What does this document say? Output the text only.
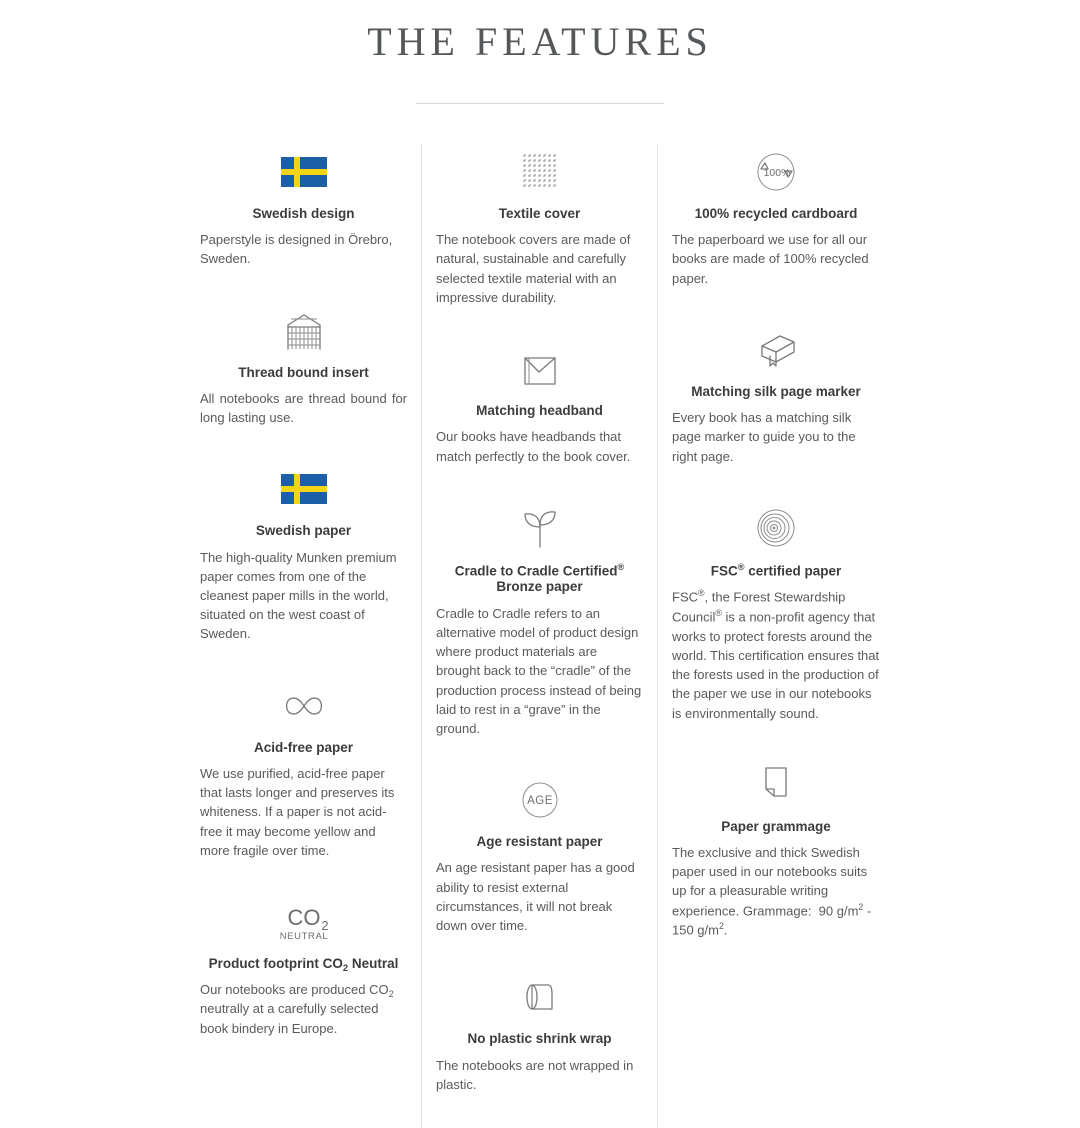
THE FEATURES
Swedish design

Paperstyle is designed in Örebro, Sweden.

Thread bound insert

All notebooks are thread bound for long lasting use.

Swedish paper

The high-quality Munken premium paper comes from one of the cleanest paper mills in the world, situated on the west coast of Sweden.

Acid-free paper

We use purified, acid-free paper that lasts longer and preserves its whiteness. If a paper is not acid-free it may become yellow and more fragile over time.

CO 2
NEUTRAL
Product footprint $CO_2$ Neutral

Our notebooks are produced $CO_2$ neutrally at a carefully selected book bindery in Europe.

Textile cover

The notebook covers are made of natural, sustainable and carefully selected textile material with an impressive durability.

Matching headband

Our books have headbands that match perfectly to the book cover.

Cradle to Cradle Certified® Bronze paper

Cradle to Cradle refers to an alternative model of product design where product materials are brought back to the “cradle” of the production process instead of being laid to rest in a “grave” in the ground.

AGE
Age resistant paper

An age resistant paper has a good ability to resist external circumstances, it will not break down over time.

No plastic shrink wrap

The notebooks are not wrapped in plastic.

100%
100% recycled cardboard

The paperboard we use for all our books are made of 100% recycled paper.

Matching silk page marker

Every book has a matching silk page marker to guide you to the right page.

FSC® certified paper

FSC®, the Forest Stewardship Council® is a non-profit agency that works to protect forests around the world. This certification ensures that the forests used in the production of the paper we use in our notebooks is environmentally sound.

Paper grammage

The exclusive and thick Swedish paper used in our notebooks suits up for a pleasurable writing experience. Grammage:  90 $g/m^2 - 150$ $g/m^2$.
